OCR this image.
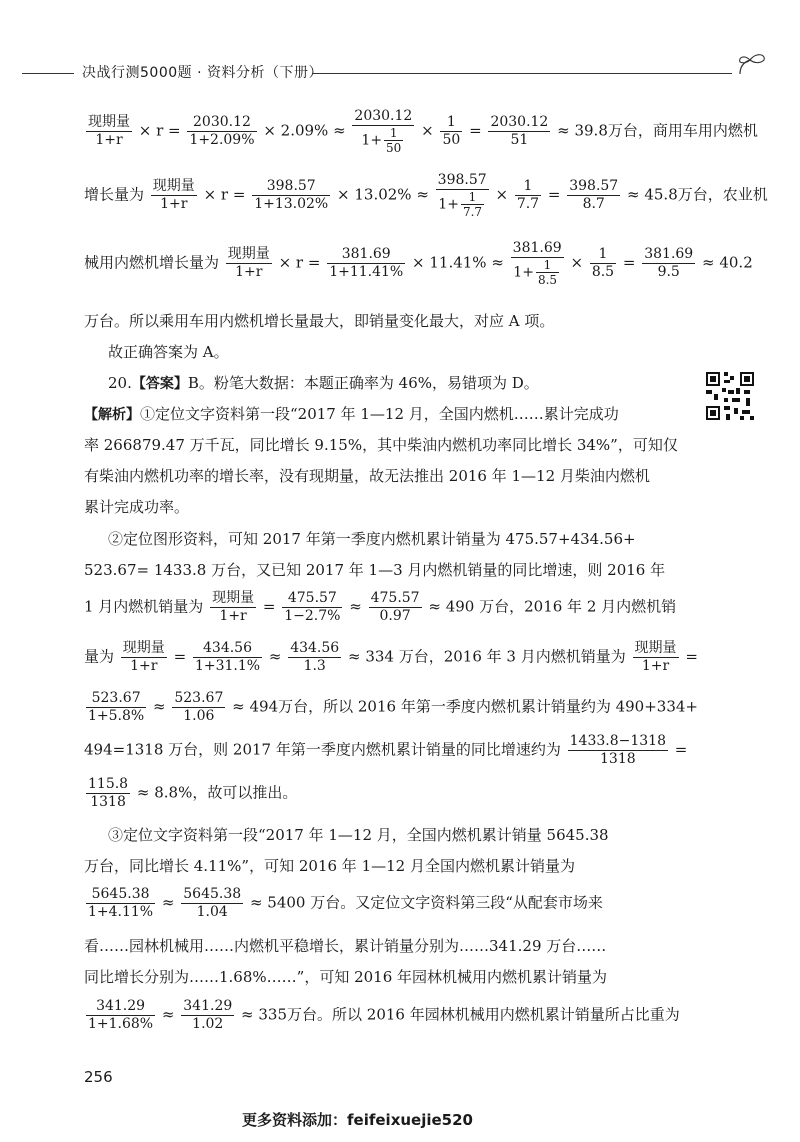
决战行测5000题 · 资料分析（下册）
$\frac{\text{现期量}}{1+r} \times r = \frac{2030.12}{1+2.09\%} \times 2.09\% \approx \frac{2030.12}{1+ \frac{1}{50}} \times \frac{1}{50} = \frac{2030.12}{51} \approx 39.8$万台，商用车用内燃机
增长量为 $\frac{\text{现期量}}{1+r} \times r = \frac{398.57}{1+13.02\%} \times 13.02\% \approx \frac{398.57}{1+ \frac{1}{7.7}} \times \frac{1}{7.7} = \frac{398.57}{8.7} \approx 45.8$万台，农业机
械用内燃机增长量为 $\frac{\text{现期量}}{1+r} \times r = \frac{381.69}{1+11.41\%} \times 11.41\% \approx \frac{381.69}{1+ \frac{1}{8.5}} \times \frac{1}{8.5} = \frac{381.69}{9.5} \approx 40.2$
万台。所以乘用车用内燃机增长量最大，即销量变化最大，对应 A 项。
故正确答案为 A。
20.【答案】B。粉笔大数据：本题正确率为 46%，易错项为 D。
【解析】①定位文字资料第一段“2017 年 1—12 月，全国内燃机……累计完成功
率 266879.47 万千瓦，同比增长 9.15%，其中柴油内燃机功率同比增长 34%”，可知仅
有柴油内燃机功率的增长率，没有现期量，故无法推出 2016 年 1—12 月柴油内燃机
累计完成功率。
②定位图形资料，可知 2017 年第一季度内燃机累计销量为 475.57+434.56+
523.67= 1433.8 万台，又已知 2017 年 1—3 月内燃机销量的同比增速，则 2016 年
1 月内燃机销量为 $\frac{\text{现期量}}{1+r} = \frac{475.57}{1-2.7\%} \approx \frac{475.57}{0.97} \approx 490$ 万台，2016 年 2 月内燃机销
量为 $\frac{\text{现期量}}{1+r} = \frac{434.56}{1+31.1\%} \approx \frac{434.56}{1.3} \approx 334$ 万台，2016 年 3 月内燃机销量为 $\frac{\text{现期量}}{1+r}$ =
$\frac{523.67}{1+5.8\%} \approx \frac{523.67}{1.06} \approx 494$万台，所以 2016 年第一季度内燃机累计销量约为 490+334+
494=1318 万台，则 2017 年第一季度内燃机累计销量的同比增速约为 $\frac{1433.8-1318}{1318}$ =
$\frac{115.8}{1318} \approx 8.8\%$，故可以推出。
③定位文字资料第一段“2017 年 1—12 月，全国内燃机累计销量 5645.38
万台，同比增长 4.11%”，可知 2016 年 1—12 月全国内燃机累计销量为
$\frac{5645.38}{1+4.11\%} \approx \frac{5645.38}{1.04} \approx 5400$ 万台。又定位文字资料第三段“从配套市场来
看……园林机械用……内燃机平稳增长，累计销量分别为……341.29 万台……
同比增长分别为……1.68%……”，可知 2016 年园林机械用内燃机累计销量为
$\frac{341.29}{1+1.68\%} \approx \frac{341.29}{1.02} \approx 335$万台。所以 2016 年园林机械用内燃机累计销量所占比重为
256
更多资料添加：feifeixuejie520
